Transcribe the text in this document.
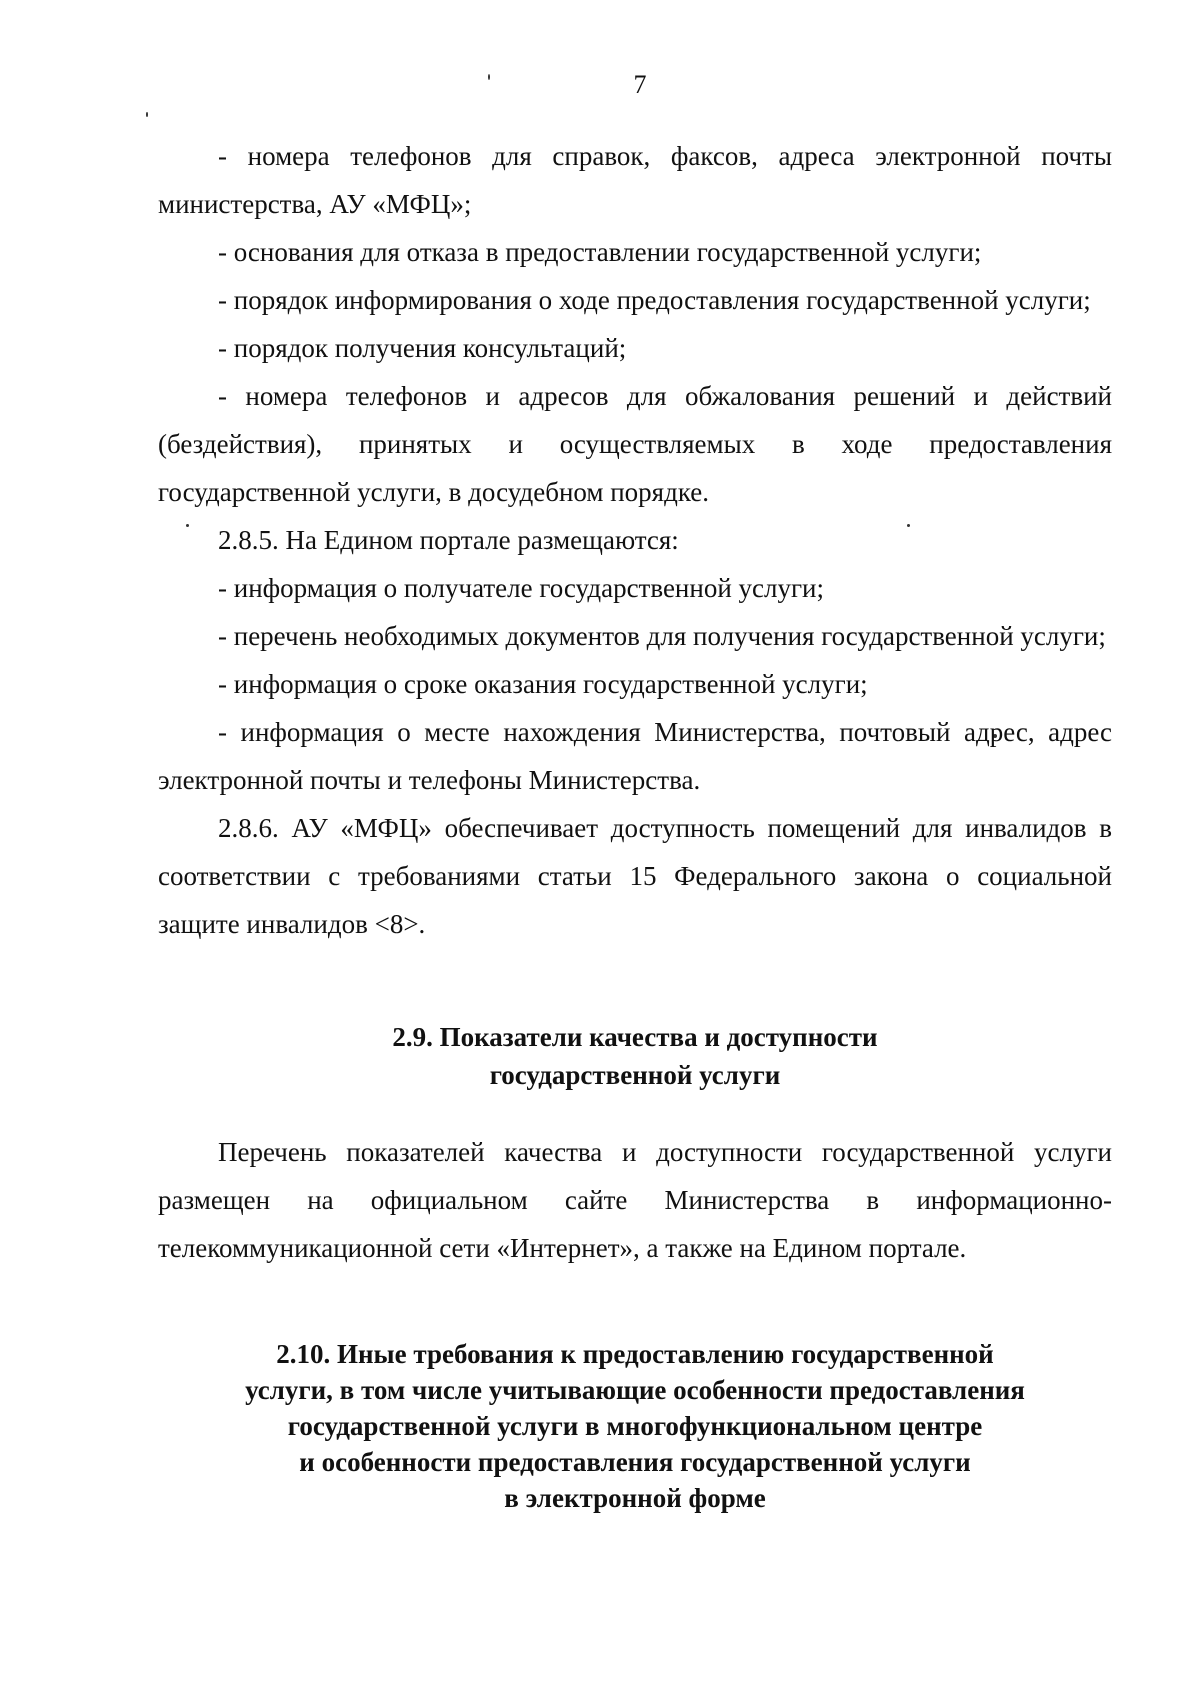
7

- номера телефонов для справок, факсов, адреса электронной почты министерства, АУ «МФЦ»;

- основания для отказа в предоставлении государственной услуги;

- порядок информирования о ходе предоставления государственной услуги;

- порядок получения консультаций;

- номера телефонов и адресов для обжалования решений и действий (бездействия), принятых и осуществляемых в ходе предоставления государственной услуги, в досудебном порядке.

2.8.5. На Едином портале размещаются:

- информация о получателе государственной услуги;

- перечень необходимых документов для получения государственной услуги;

- информация о сроке оказания государственной услуги;

- информация о месте нахождения Министерства, почтовый адрес, адрес электронной почты и телефоны Министерства.

2.8.6. АУ «МФЦ» обеспечивает доступность помещений для инвалидов в соответствии с требованиями статьи 15 Федерального закона о социальной защите инвалидов <8>.

2.9. Показатели качества и доступности
государственной услуги

Перечень показателей качества и доступности государственной услуги размещен на официальном сайте Министерства в информационно-телекоммуникационной сети «Интернет», а также на Едином портале.

2.10. Иные требования к предоставлению государственной
услуги, в том числе учитывающие особенности предоставления
государственной услуги в многофункциональном центре
и особенности предоставления государственной услуги
в электронной форме
